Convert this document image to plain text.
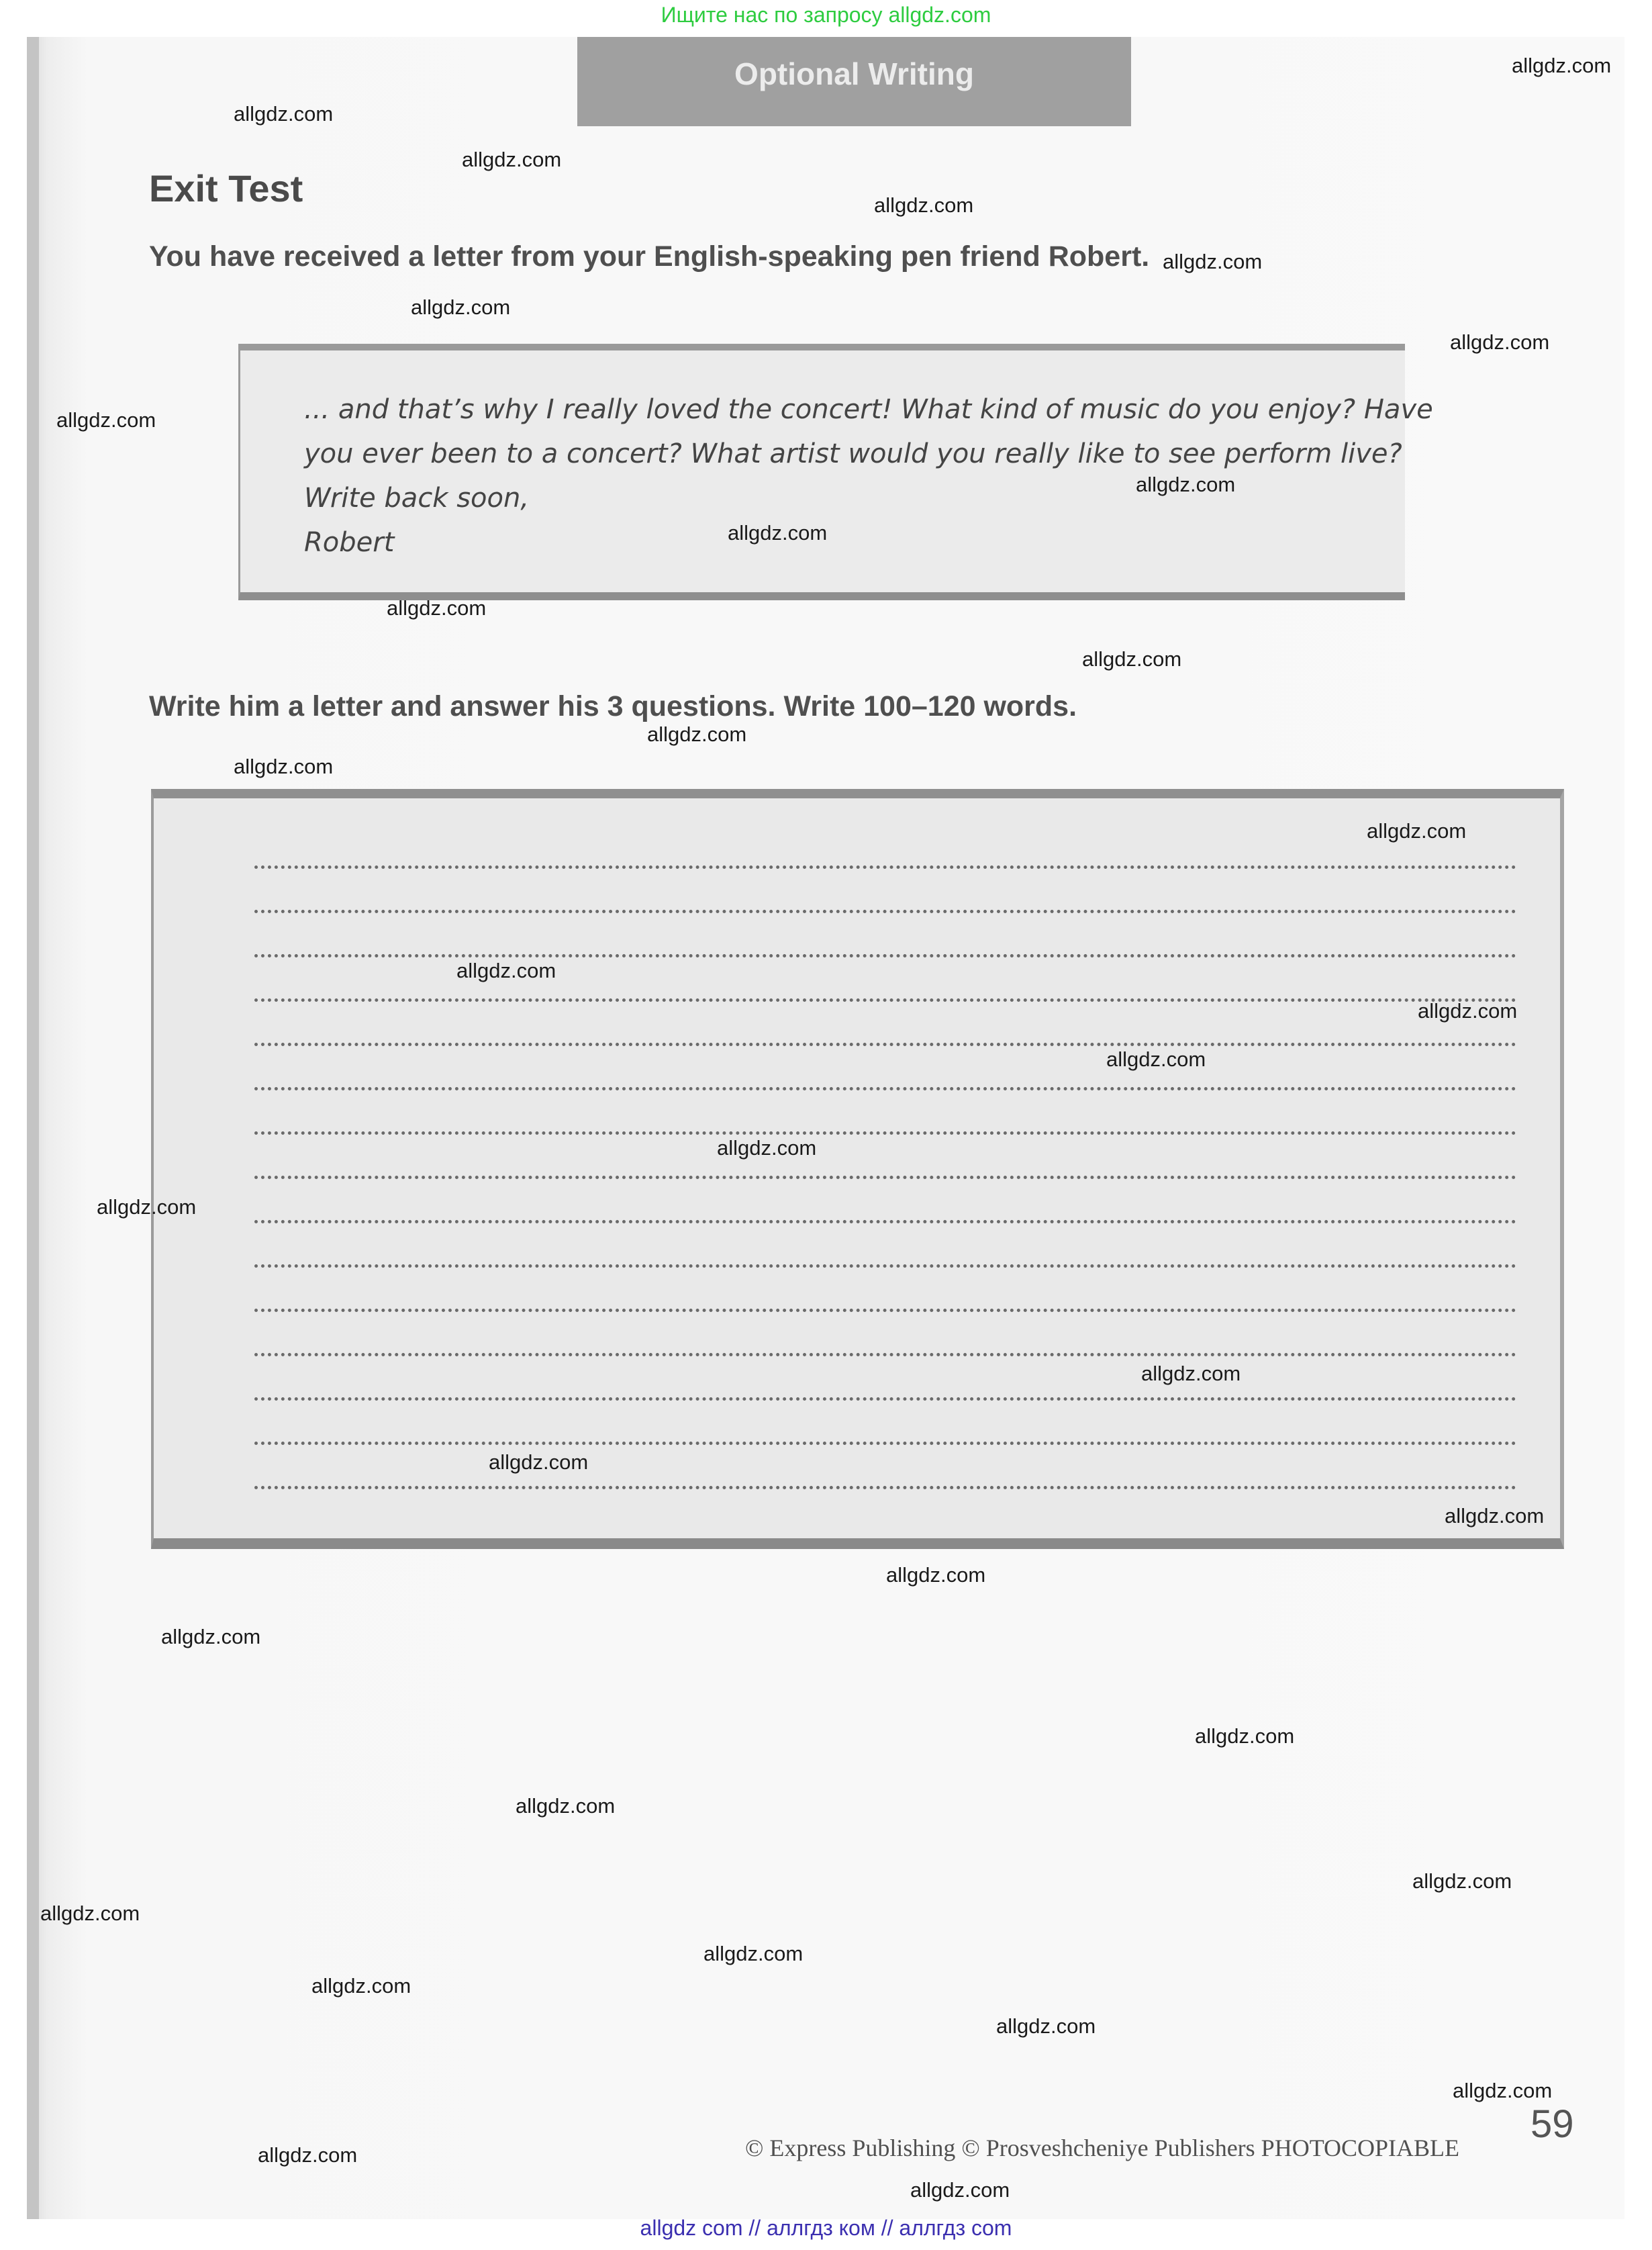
Ищите нас по запросу allgdz.com
Optional Writing
Exit Test
You have received a letter from your English-speaking pen friend Robert.
... and that’s why I really loved the concert! What kind of music do you enjoy? Have
you ever been to a concert? What artist would you really like to see perform live?
Write back soon,
Robert
Write him a letter and answer his 3 questions. Write 100–120 words.
© Express Publishing © Prosveshcheniye Publishers PHOTOCOPIABLE
59
allgdz.com
allgdz.com
allgdz.com
allgdz.com
allgdz.com
allgdz.com
allgdz.com
allgdz.com
allgdz.com
allgdz.com
allgdz.com
allgdz.com
allgdz.com
allgdz.com
allgdz.com
allgdz.com
allgdz.com
allgdz.com
allgdz.com
allgdz.com
allgdz.com
allgdz.com
allgdz.com
allgdz.com
allgdz.com
allgdz.com
allgdz.com
allgdz.com
allgdz.com
allgdz.com
allgdz.com
allgdz.com
allgdz.com
allgdz.com
allgdz.com
allgdz com // аллгдз ком // аллгдз com
